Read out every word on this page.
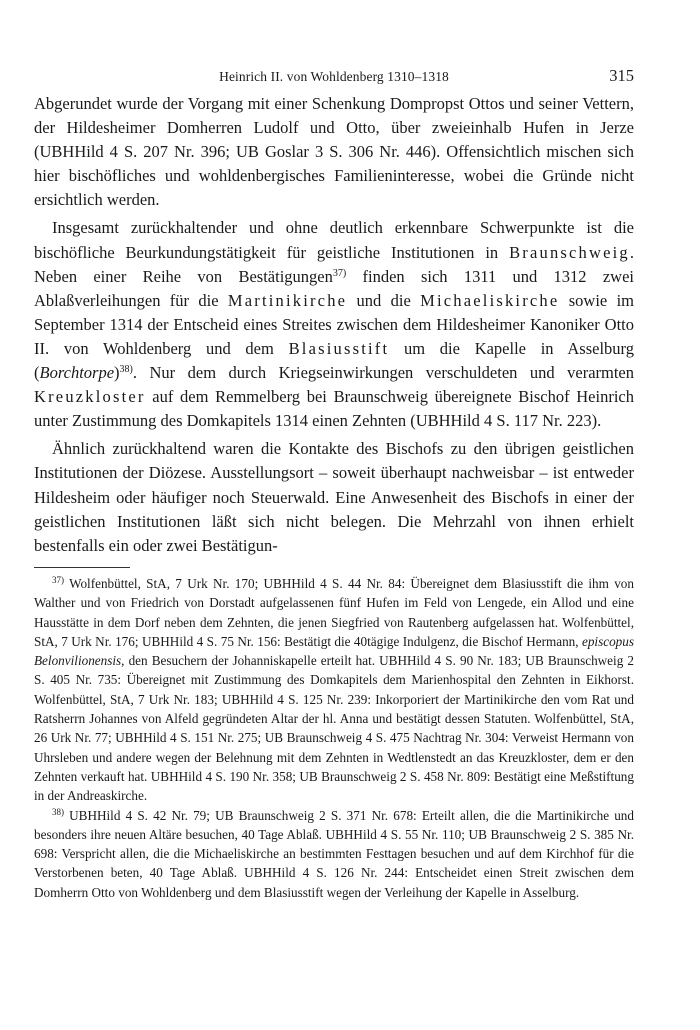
Heinrich II. von Wohldenberg 1310–1318	315

Abgerundet wurde der Vorgang mit einer Schenkung Dompropst Ottos und seiner Vettern, der Hildesheimer Domherren Ludolf und Otto, über zweieinhalb Hufen in Jerze (UBHHild 4 S. 207 Nr. 396; UB Goslar 3 S. 306 Nr. 446). Offensichtlich mischen sich hier bischöfliches und wohldenbergisches Familieninteresse, wobei die Gründe nicht ersichtlich werden.

Insgesamt zurückhaltender und ohne deutlich erkennbare Schwerpunkte ist die bischöfliche Beurkundungstätigkeit für geistliche Institutionen in Braunschweig. Neben einer Reihe von Bestätigungen$^{37)}$ finden sich 1311 und 1312 zwei Ablaßverleihungen für die Martinikirche und die Michaeliskirche sowie im September 1314 der Entscheid eines Streites zwischen dem Hildesheimer Kanoniker Otto II. von Wohldenberg und dem Blasiusstift um die Kapelle in Asselburg (Borchtorpe)$^{38)}$. Nur dem durch Kriegseinwirkungen verschuldeten und verarmten Kreuzkloster auf dem Remmelberg bei Braunschweig übereignete Bischof Heinrich unter Zustimmung des Domkapitels 1314 einen Zehnten (UBHHild 4 S. 117 Nr. 223).

Ähnlich zurückhaltend waren die Kontakte des Bischofs zu den übrigen geistlichen Institutionen der Diözese. Ausstellungsort – soweit überhaupt nachweisbar – ist entweder Hildesheim oder häufiger noch Steuerwald. Eine Anwesenheit des Bischofs in einer der geistlichen Institutionen läßt sich nicht belegen. Die Mehrzahl von ihnen erhielt bestenfalls ein oder zwei Bestätigun-

$^{37)}$ Wolfenbüttel, StA, 7 Urk Nr. 170; UBHHild 4 S. 44 Nr. 84: Übereignet dem Blasiusstift die ihm von Walther und von Friedrich von Dorstadt aufgelassenen fünf Hufen im Feld von Lengede, ein Allod und eine Hausstätte in dem Dorf neben dem Zehnten, die jenen Siegfried von Rautenberg aufgelassen hat. Wolfenbüttel, StA, 7 Urk Nr. 176; UBHHild 4 S. 75 Nr. 156: Bestätigt die 40tägige Indulgenz, die Bischof Hermann, episcopus Belonvilionensis, den Besuchern der Johanniskapelle erteilt hat. UBHHild 4 S. 90 Nr. 183; UB Braunschweig 2 S. 405 Nr. 735: Übereignet mit Zustimmung des Domkapitels dem Marienhospital den Zehnten in Eikhorst. Wolfenbüttel, StA, 7 Urk Nr. 183; UBHHild 4 S. 125 Nr. 239: Inkorporiert der Martinikirche den vom Rat und Ratsherrn Johannes von Alfeld gegründeten Altar der hl. Anna und bestätigt dessen Statuten. Wolfenbüttel, StA, 26 Urk Nr. 77; UBHHild 4 S. 151 Nr. 275; UB Braunschweig 4 S. 475 Nachtrag Nr. 304: Verweist Hermann von Uhrsleben und andere wegen der Belehnung mit dem Zehnten in Wedtlenstedt an das Kreuzkloster, dem er den Zehnten verkauft hat. UBHHild 4 S. 190 Nr. 358; UB Braunschweig 2 S. 458 Nr. 809: Bestätigt eine Meßstiftung in der Andreaskirche.

$^{38)}$ UBHHild 4 S. 42 Nr. 79; UB Braunschweig 2 S. 371 Nr. 678: Erteilt allen, die die Martinikirche und besonders ihre neuen Altäre besuchen, 40 Tage Ablaß. UBHHild 4 S. 55 Nr. 110; UB Braunschweig 2 S. 385 Nr. 698: Verspricht allen, die die Michaeliskirche an bestimmten Festtagen besuchen und auf dem Kirchhof für die Verstorbenen beten, 40 Tage Ablaß. UBHHild 4 S. 126 Nr. 244: Entscheidet einen Streit zwischen dem Domherrn Otto von Wohldenberg und dem Blasiusstift wegen der Verleihung der Kapelle in Asselburg.
